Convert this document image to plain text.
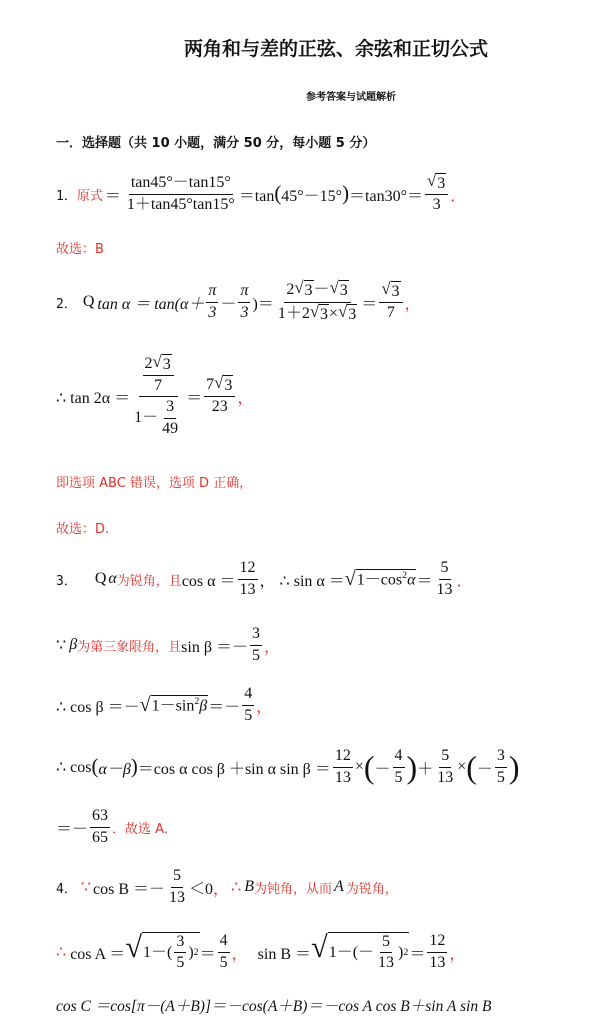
两角和与差的正弦、余弦和正切公式
参考答案与试题解析
一．选择题（共 10 小题，满分 50 分，每小题 5 分）
1． 原式 ＝ $\frac{\tan 45^\circ-\tan 15^\circ}{1+\tan 45^\circ\tan 15^\circ} =\tan$ ( 45°－15° ) $=\tan 30^\circ= \frac{√ 3}{3}$ ．
故选：B
2． Q $\tan \alpha = \tan(\alpha+ \frac{\pi}{3} - \frac{\pi}{3}$ )＝ $\frac{2 √ 3 - √ 3}{1+2 √ 3 \times √ 3} = \frac{√ 3}{7}$ ，
∴ $\tan 2\alpha = \frac{\frac{2 √ 3}{7}}{1- \frac{3}{49}} = \frac{7 √ 3}{23}$ ，
即选项 ABC 错误，选项 D 正确，
故选：D.
3． Q α 为锐角，且 $\cos \alpha = \frac{12}{13}$ ， ∴ sin α ＝ √ $1-\cos^2\alpha = \frac{5}{13}$ ．
∵ β 为第三象限角，且 $\sin \beta =- \frac{3}{5}$ ，
∴ cos β ＝－ √ $1-\sin^2\beta =- \frac{4}{5}$ ，
∴ cos ( α－β ) ＝cos α cos β ＋sin α $\sin \beta = \frac{12}{13}$ × ( － $\frac{4}{5}$ ) ＋ $\frac{5}{13}$ × ( － $\frac{3}{5}$ )
＝－ $\frac{63}{65}$ ．故选 A．
4． ∵ $\cos B =- \frac{5}{13} <0$ ， ∴ B 为钝角，从而 A 为锐角，
∴ cos A ＝ √ $1-( \frac{3}{5}$ ) $2 = \frac{4}{5}$ ， sin B ＝ √ $1-(- \frac{5}{13}$ ) $2 = \frac{12}{13}$ ，
cos C ＝cos[π－(A＋B)]＝－cos(A＋B)＝－cos A cos B＋sin A sin B
